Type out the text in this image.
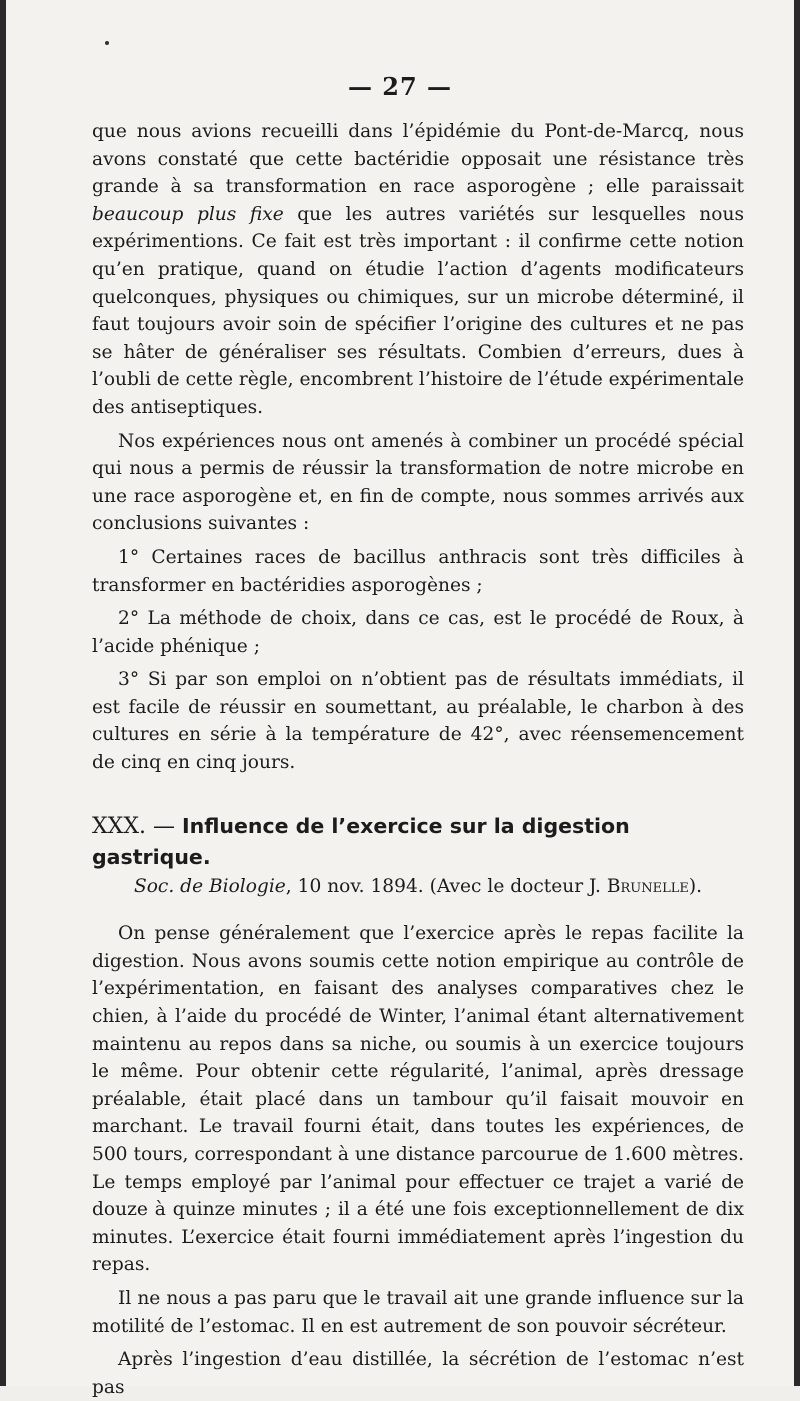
— 27 —

que nous avions recueilli dans l’épidémie du Pont-de-Marcq, nous avons constaté que cette bactéridie opposait une résistance très grande à sa transformation en race asporogène ; elle paraissait beaucoup plus fixe que les autres variétés sur lesquelles nous expérimentions. Ce fait est très important : il confirme cette notion qu’en pratique, quand on étudie l’action d’agents modificateurs quelconques, physiques ou chimiques, sur un microbe déterminé, il faut toujours avoir soin de spécifier l’origine des cultures et ne pas se hâter de généraliser ses résultats. Combien d’erreurs, dues à l’oubli de cette règle, encombrent l’histoire de l’étude expérimentale des antiseptiques.

Nos expériences nous ont amenés à combiner un procédé spécial qui nous a permis de réussir la transformation de notre microbe en une race asporogène et, en fin de compte, nous sommes arrivés aux conclusions suivantes :

1° Certaines races de bacillus anthracis sont très difficiles à transformer en bactéridies asporogènes ;

2° La méthode de choix, dans ce cas, est le procédé de Roux, à l’acide phénique ;

3° Si par son emploi on n’obtient pas de résultats immédiats, il est facile de réussir en soumettant, au préalable, le charbon à des cultures en série à la température de 42°, avec réensemencement de cinq en cinq jours.

XXX. — Influence de l’exercice sur la digestion gastrique.

Soc. de Biologie, 10 nov. 1894. (Avec le docteur J. Brunelle).

On pense généralement que l’exercice après le repas facilite la digestion. Nous avons soumis cette notion empirique au contrôle de l’expérimentation, en faisant des analyses comparatives chez le chien, à l’aide du procédé de Winter, l’animal étant alternativement maintenu au repos dans sa niche, ou soumis à un exercice toujours le même. Pour obtenir cette régularité, l’animal, après dressage préalable, était placé dans un tambour qu’il faisait mouvoir en marchant. Le travail fourni était, dans toutes les expériences, de 500 tours, correspondant à une distance parcourue de 1.600 mètres. Le temps employé par l’animal pour effectuer ce trajet a varié de douze à quinze minutes ; il a été une fois exceptionnellement de dix minutes. L’exercice était fourni immédiatement après l’ingestion du repas.

Il ne nous a pas paru que le travail ait une grande influence sur la motilité de l’estomac. Il en est autrement de son pouvoir sécréteur.

Après l’ingestion d’eau distillée, la sécrétion de l’estomac n’est pas
